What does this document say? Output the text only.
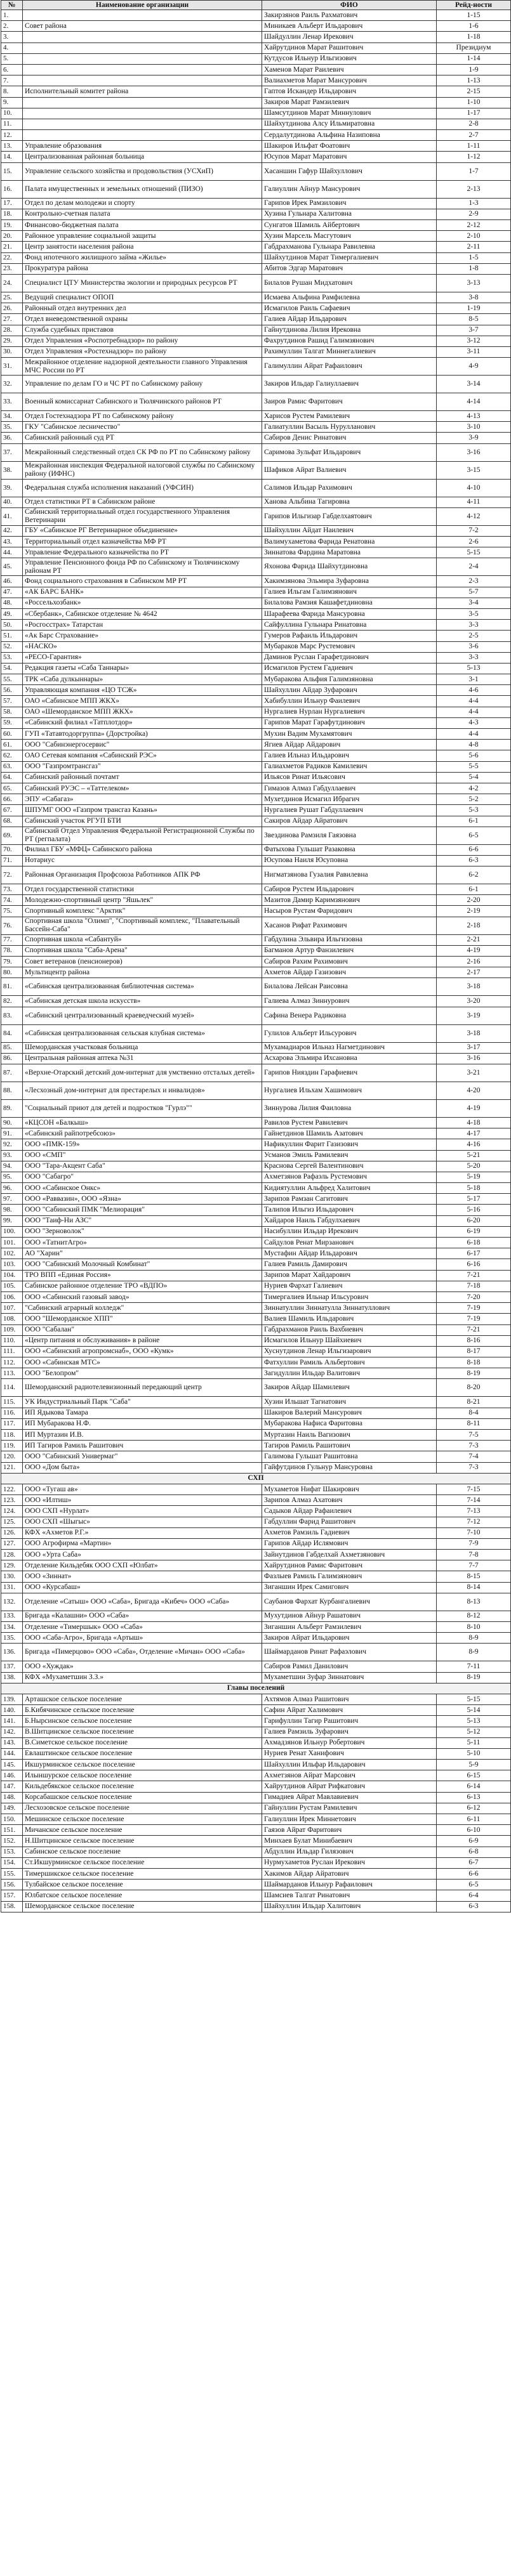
№	Наименование организации	ФИО	Рейд-ности
1.		Закирзянов Раиль Рахматович	1-15
2.	Совет района	Миникаев Альберт Ильдарович	1-6
3.		Шайдуллин Ленар Ирекович	1-18
4.		Хайрутдинов Марат Рашитович	Президиум
5.		Кутдусов Ильнур Ильгизович	1-14
6.		Хаменов Марат Раилевич	1-9
7.		Валиахметов Марат Мансурович	1-13
8.	Исполнительный комитет района	Гаптов Искандер Ильдарович	2-15
9.		Закиров Марат Рамзилевич	1-10
10.		Шамсутдинов Марат Миннулович	1-17
11.		Шайхутдинова Алсу Ильмиратовна	2-8
12.		Сердалутдинова Альфина Назиповна	2-7
13.	Управление образования	Шакиров Ильфат Фоатович	1-11
14.	Централизованная районная больница	Юсупов Марат Маратович	1-12
15.	Управление сельского хозяйства и продовольствия (УСХиП)	Хасаншин Гафур Шайхуллович	1-7
16.	Палата имущественных и земельных отношений (ПИЗО)	Галиуллин Айнур Мансурович	2-13
17.	Отдел по делам молодежи и спорту	Гарипов Ирек Рамзилович	1-3
18.	Контрольно-счетная палата	Хузина Гульнара Халитовна	2-9
19.	Финансово-бюджетная палата	Сунгатов Шамиль Айбертович	2-12
20.	Районное управление социальной защиты	Хузин Марсель Масгутович	2-10
21.	Центр занятости населения района	Габдрахманова Гульнара Равилевна	2-11
22.	Фонд ипотечного жилищного займа «Жилье»	Шайхутдинов Марат Тимергалиевич	1-5
23.	Прокуратура района	Абитов Эдгар Маратович	1-8
24.	Специалист ЦТУ Министерства экологии и природных ресурсов РТ	Билалов Рушан Мидхатович	3-13
25.	Ведущий специалист ОПОП	Исмаева Альфина Рамфилевна	3-8
26.	Районный отдел внутренних дел	Исмагилов Раиль Сафаевич	1-19
27.	Отдел вневедомственной охраны	Галиев Айдар Ильдарович	8-5
28.	Служба судебных приставов	Гайнутдинова Лилия Ирековна	3-7
29.	Отдел Управления «Роспотребнадзор» по району	Фахрутдинов Рашид Галимзянович	3-12
30.	Отдел Управления «Ростехнадзор» по району	Рахимуллин Талгат Миннегалиевич	3-11
31.	Межрайонное отделение надзорной деятельности главного Управления МЧС России по РТ	Галимуллин Айрат Рафаилович	4-9
32.	Управление по делам ГО и ЧС РТ по Сабинскому району	Закиров Ильдар Галиуллаевич	3-14
33.	Военный комиссариат Сабинского и Тюлячинского районов РТ	Заиров Рамис Фаритович	4-14
34.	Отдел Гостехнадзора РТ по Сабинскому району	Харисов Рустем Рамилевич	4-13
35.	ГКУ "Сабинское лесничество"	Галиатуллин Васыль Нурулланович	3-10
36.	Сабинский районный суд РТ	Сабиров Денис Ринатович	3-9
37.	Межрайонный следственный отдел СК РФ по РТ по Сабинскому району	Саримова Зульфат Ильдарович	3-16
38.	Межрайонная инспекция Федеральной налоговой службы по Сабинскому району (ИФНС)	Шафиков Айрат Валиевич	3-15
39.	Федеральная служба исполнения наказаний (УФСИН)	Салимов Ильдар Рахимович	4-10
40.	Отдел статистики РТ в Сабинском районе	Ханова Альбина Тагировна	4-11
41.	Сабинский территориальный отдел государственного Управления Ветеринарии	Гарипов Ильгизар Габделхаятович	4-12
42.	ГБУ «Сабинское РГ Ветеринарное объединение»	Шайхуллин Айдат Наилевич	7-2
43.	Территориальный отдел казначейства МФ РТ	Валимухаметова Фарида Ренатовна	2-6
44.	Управление Федерального казначейства по РТ	Зиннатова Фардина Маратовна	5-15
45.	Управление Пенсионного фонда РФ по Сабинскому и Тюлячинскому районам РТ	Яхонова Фарида Шайхутдиновна	2-4
46.	Фонд социального страхования в Сабинском МР РТ	Хакимзянова Эльмира Зуфаровна	2-3
47.	«АК БАРС БАНК»	Галиев Ильгам Галимзянович	5-7
48.	«Россельхозбанк»	Билалова Рамзия Кашафетдиновна	3-4
49.	«Сбербанк», Сабинское отделение № 4642	Шарафеева Фарида Мансуровна	3-5
50.	«Росгосстрах» Татарстан	Сайфуллина Гульнара Ринатовна	3-3
51.	«Ак Барс Страхование»	Гумеров Рафаиль Ильдарович	2-5
52.	«НАСКО»	Мубараков Марс Рустемович	3-6
53.	«РЕСО-Гарантия»	Даминов Руслан Гарафетдинович	3-3
54.	Редакция газеты «Саба Таннары»	Исмагилов Рустем Гадиевич	5-13
55.	ТРК «Саба дулкыннары»	Мубаракова Альфия Галимзяновна	3-1
56.	Управляющая компания «ЦО ТСЖ»	Шайхуллин Айдар Зуфарович	4-6
57.	ОАО «Сабинское МПП ЖКХ»	Хабибуллин Ильнур Фаилевич	4-4
58.	ОАО «Шеморданское МПП ЖКХ»	Нургалиев Нурлан Нургалиевич	4-4
59.	«Сабинский филиал «Татплотдор»	Гарипов Марат Гарафутдинович	4-3
60.	ГУП «Татавтодоргруппа» (Дорстройка)	Мухин Вадим Мухамятович	4-4
61.	ООО "Сабинэнергосервис"	Ягиев Айдар Айдарович	4-8
62.	ОАО Сетевая компания «Сабинский РЭС»	Галиев Ильназ Ильдарович	5-6
63.	ООО "Газпромтрансгаз"	Галиахметов Радиков Камилевич	5-5
64.	Сабинский районный почтамт	Ильясов Ринат Ильясович	5-4
65.	Сабинский РУЭС – «Таттелеком»	Гимазов Алмаз Габдуллаевич	4-2
66.	ЭПУ «Сабагаз»	Мухетдинов Исмагил Ибрагич	5-2
67.	ШПУМГ ООО «Газпром трансгаз Казань»	Нургалиев Рушат Габдуллаевич	5-3
68.	Сабинский участок РГУП БТИ	Сакиров Айдар Айратович	6-1
69.	Сабинский Отдел Управления Федеральной Регистрационной Службы по РТ (регпалата)	Звездинова Рамзиля Гаязовна	6-5
70.	Филиал ГБУ «МФЦ» Сабинского района	Фатыхова Гульшат Разаковна	6-6
71.	Нотариус	Юсупова Наиля Юсуповна	6-3
72.	Районная Организация Профсоюза Работников АПК РФ	Нигматзянова Гузалия Равилевна	6-2
73.	Отдел государственной статистики	Сабиров Рустем Ильдарович	6-1
74.	Молодежно-спортивный центр "Яшьлек"	Мазитов Дамир Каримзянович	2-20
75.	Спортивный комплекс "Арктик"	Насыров Рустам Фаридович	2-19
76.	Спортивная школа "Олимп", "Спортивный комплекс, "Плавательный Бассейн-Саба"	Хасанов Рифат Рахимович	2-18
77.	Спортивная школа «Сабантуй»	Габдулина Эльвира Ильгизовна	2-21
78.	Спортивная школа "Саба-Арена"	Багманов Артур Фанзилевич	4-19
79.	Совет ветеранов (пенсионеров)	Сабиров Рахим Рахимович	2-16
80.	Мультицентр района	Ахметов Айдар Газизович	2-17
81.	«Сабинская централизованная библиотечная система»	Билалова Лейсан Раисовна	3-18
82.	«Сабинская детская школа искусств»	Галиева Алмаз Зиннурович	3-20
83.	«Сабинский централизованный краеведческий музей»	Сафина Венера Радиковна	3-19
84.	«Сабинская централизованная сельская клубная система»	Гулилов Альберт Ильсурович	3-18
85.	Шеморданская участковая больница	Мухамадиаров Ильназ Нагметдинович	3-17
86.	Центральная районная аптека №31	Асхарова Эльмира Ихсановна	3-16
87.	«Верхне-Отарский детский дом-интернат для умственно отсталых детей»	Гарипов Нияздин Гарафиевич	3-21
88.	«Лесхозный дом-интернат для престарелых и инвалидов»	Нургалиев Ильхам Хашимович	4-20
89.	"Социальный приют для детей и подростков "Гурлэ""	Зиннурова Лилия Фаиловна	4-19
90.	«КЦСОН «Балкыш»	Равилов Рустем Равилевич	4-18
91.	«Сабинский райпотребсоюз»	Гайнетдинов Шамиль Азатович	4-17
92.	ООО «ПМК-159»	Нафикуллин Фарит Газизович	4-16
93.	ООО «СМП"	Усманов Эмиль Рамилевич	5-21
94.	ООО "Тара-Акцент Саба"	Краснова Сергей Валентинович	5-20
95.	ООО "Сабагро"	Ахметзянов Рафаэль Рустемович	5-19
96.	ООО «Сабинское Онкс»	Кидиятуллин Альфред Халитович	5-18
97.	ООО «Раввазин», ООО «Язна»	Зарипов Рамзан Сагитович	5-17
98.	ООО "Сабинский ПМК "Мелиорация"	Талипов Ильгиз Ильдарович	5-16
99.	ООО "Таиф-Ни АЗС"	Хайдаров Наиль Габдулхаевич	6-20
100.	ООО "Зерноволок"	Насибуллин Ильдар Ирекович	6-19
101.	ООО «ТатнитАгро»	Сайдулов Ренат Мирзанович	6-18
102.	АО "Харин"	Мустафин Айдар Ильдарович	6-17
103.	ООО "Сабинский Молочный Комбинат"	Галиев Рамиль Дамирович	6-16
104.	ТРО ВПП «Единая Россия»	Зарипов Марат Хайдарович	7-21
105.	Сабинское районное отделение ТРО «ВДПО»	Нуриев Фархат Галиевич	7-18
106.	ООО «Сабинский газовый завод»	Тимергалиев Ильнар Ильсурович	7-20
107.	"Сабинский аграрный колледж"	Зиннатуллин Зиннатулла Зиннатуллович	7-19
108.	ООО "Шеморданское ХПП"	Валиев Шамиль Ильдарович	7-19
109.	ООО "Сабалан"	Габдрахманов Раиль Вахбиевич	7-21
110.	«Центр питания и обслуживания» в районе	Исмагилов Ильнур Шайхиевич	8-16
111.	ООО «Сабинский агропромснаб», ООО «Кумк»	Хуснутдинов Ленар Ильгизарович	8-17
112.	ООО «Сабинская МТС»	Фатхуллин Рамиль Альбертович	8-18
113.	ООО "Белопром"	Загидуллин Ильдар Валитович	8-19
114.	Шеморданский радиотелевизионный передающий центр	Закиров Айдар Шамилевич	8-20
115.	УК Индустриальный Парк "Саба"	Хузин Ильшат Тагиатович	8-21
116.	ИП Ядыкова Тамара	Шакиров Валерий Мансурович	8-4
117.	ИП Мубаракова Н.Ф.	Мубаракова Нафиса Фаритовна	8-11
118.	ИП Муртазин И.В.	Муртазин Наиль Вагизович	7-5
119.	ИП Тагиров Рамиль Рашитович	Тагиров Рамиль Рашитович	7-3
120.	ООО "Сабинский Универмаг"	Галимова Гульшат Рашитовна	7-4
121.	ООО «Дом быта»	Гайфутдинов Гульнур Мансуровна	7-3
СХП			
122.	ООО «Тугаш ав»	Мухаметов Нифат Шакирович	7-15
123.	ООО «Илтиш»	Зарипов Алмаз Ахатович	7-14
124.	ООО СХП «Нурлат»	Садыков Айдар Рафаилевич	7-13
125.	ООО СХП «Шыгыс»	Габдуллин Фарид Рашитович	7-12
126.	КФХ «Ахметов Р.Г.»	Ахметов Рамзиль Гадиевич	7-10
127.	ООО Агрофирма «Мартин»	Гарипов Айдар Ислямович	7-9
128.	ООО «Урта Саба»	Зайнутдинов Габделхай Ахметзянович	7-8
129.	Отделение Кильдебяк ООО СХП «Юлбат»	Хайрутдинов Рамис Фаритович	7-7
130.	ООО «Зиннат»	Фазлыев Рамиль Галимзянович	8-15
131.	ООО «Курсабаш»	Зиганшин Ирек Самигович	8-14
132.	Отделение «Сатыш» ООО «Саба», Бригада «Кибеч» ООО «Саба»	Саубанов Фархат Курбангалиевич	8-13
133.	Бригада «Калашни» ООО «Саба»	Мухутдинов Айнур Рашатович	8-12
134.	Отделение «Тимершык» ООО «Саба»	Зиганшин Альберт Рамзилевич	8-10
135.	ООО «Саба-Агро», Бригада «Артыш»	Закиров Айрат Ильдарович	8-9
136.	Бригада «Пимерцово» ООО «Саба», Отделение «Мичан» ООО «Саба»	Шаймарданов Ринат Рафаэлович	8-9
137.	ООО «Хуждак»	Сабиров Рамил Данилович	7-11
138.	КФХ «Мухаметшин З.З.»	Мухаметшин Зуфар Зиннатович	8-19
Главы поселений			
139.	Арташское сельское поселение	Ахтямов Алмаз Рашитович	5-15
140.	Б.Кибячинское сельское поселение	Сафин Айрат Халимович	5-14
141.	Б.Нырсинское сельское поселение	Гарифуллин Тагир Рашитович	5-13
142.	В.Шитцинское сельское поселение	Галиев Рамзиль Зуфарович	5-12
143.	В.Симетское сельское поселение	Ахмадзянов Ильнур Робертович	5-11
144.	Евлаштинское сельское поселение	Нуриев Ренат Ханифович	5-10
145.	Икшурминское сельское поселение	Шайхуллин Ильфар Ильдарович	5-9
146.	Илыншурское сельское поселение	Ахметзянов Айрат Марсович	6-15
147.	Кильдебякское сельское поселение	Хайрутдинов Айрат Рифкатович	6-14
148.	Корсабашское сельское поселение	Гимадиев Айрат Мавлавиевич	6-13
149.	Лесхозовское сельское поселение	Гайнуллин Рустам Рамилевич	6-12
150.	Мешинское сельское поселение	Галиуллин Ирек Миннетович	6-11
151.	Мичанское сельское поселение	Гаязов Айрат Фаритович	6-10
152.	Н.Шитцинское сельское поселение	Минхаев Булат Минибаевич	6-9
153.	Сабинское сельское поселение	Абдуллин Ильдар Гилязович	6-8
154.	Ст.Икшурминское сельское поселение	Нурмухаметов Руслан Ирекович	6-7
155.	Тимершикское сельское поселение	Хакимов Айдар Айратович	6-6
156.	Тулбайское сельское поселение	Шаймарданов Ильнур Рафаилович	6-5
157.	Юлбатское сельское поселение	Шамсиев Талгат Ринатович	6-4
158.	Шеморданское сельское поселение	Шайхуллин Ильдар Халитович	6-3
